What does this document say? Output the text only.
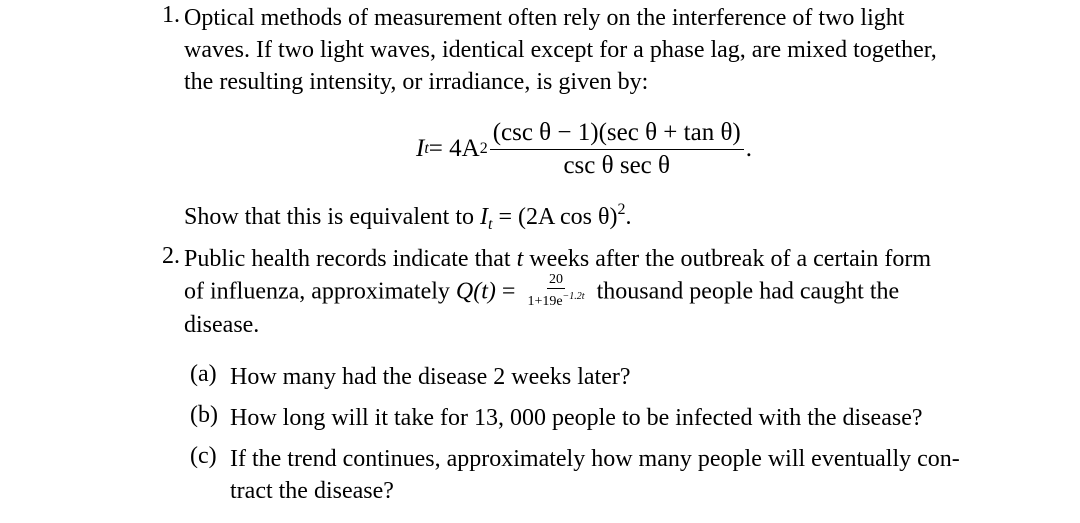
1. Optical methods of measurement often rely on the interference of two light
waves. If two light waves, identical except for a phase lag, are mixed together,
the resulting intensity, or irradiance, is given by:
I t = 4A $2 \frac{\text{(csc θ − 1)(sec θ + tan θ)}}{\text{csc θ sec θ}}$ .
Show that this is equivalent to $I_t = (2A$ cos θ)$^2$.
2. Public health records indicate that t weeks after the outbreak of a certain form
of influenza, approximately $Q(t) = \frac{20}{1+19e^{-1.2t}}$ thousand people had caught the
disease.
(a) How many had the disease 2 weeks later?
(b) How long will it take for 13, 000 people to be infected with the disease?
(c) If the trend continues, approximately how many people will eventually con-
tract the disease?
